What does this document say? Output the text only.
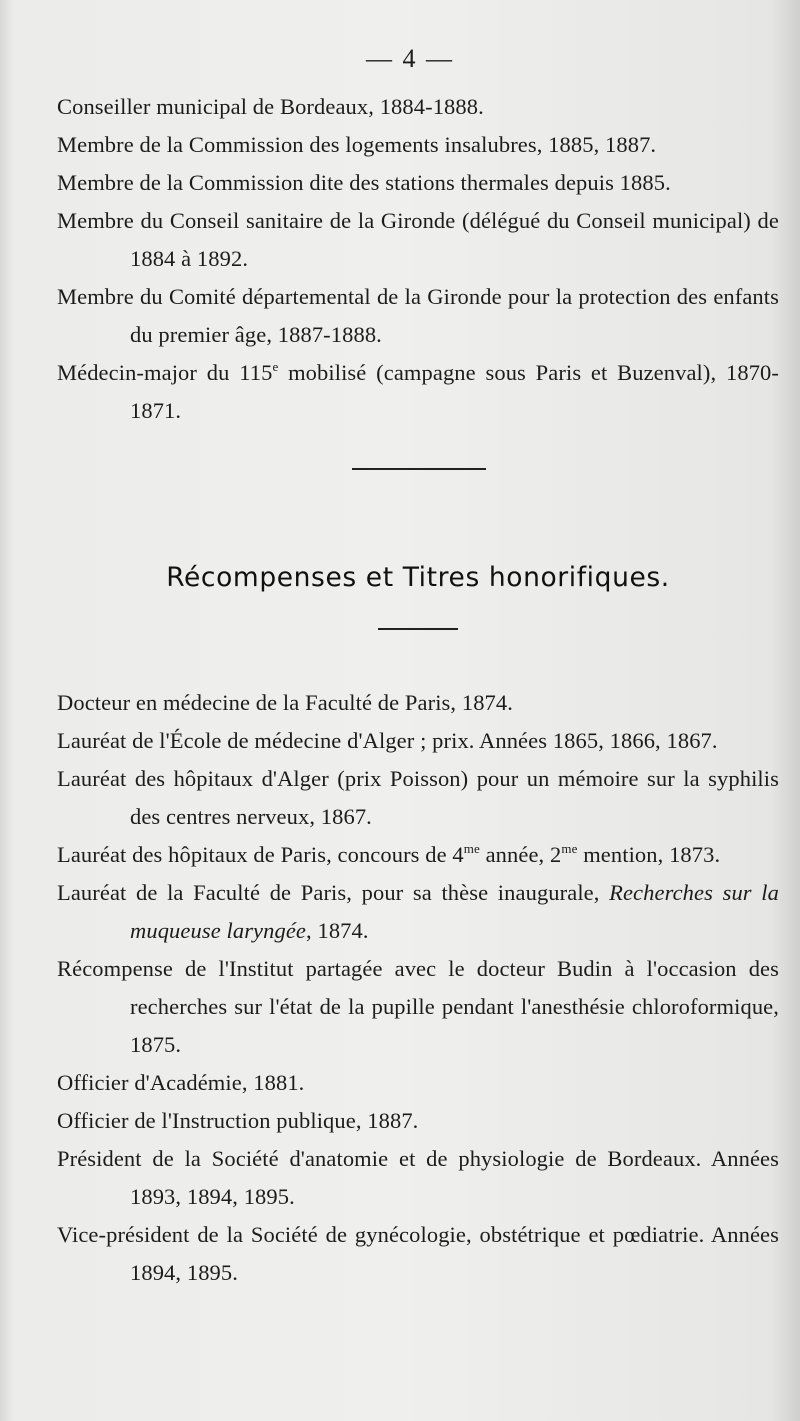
— 4 —

Conseiller municipal de Bordeaux, 1884-1888.

Membre de la Commission des logements insalubres, 1885, 1887.

Membre de la Commission dite des stations thermales depuis 1885.

Membre du Conseil sanitaire de la Gironde (délégué du Conseil municipal) de 1884 à 1892.

Membre du Comité départemental de la Gironde pour la protection des enfants du premier âge, 1887-1888.

Médecin-major du 115e mobilisé (campagne sous Paris et Buzenval), 1870-1871.

Récompenses et Titres honorifiques.

Docteur en médecine de la Faculté de Paris, 1874.

Lauréat de l'École de médecine d'Alger ; prix. Années 1865, 1866, 1867.

Lauréat des hôpitaux d'Alger (prix Poisson) pour un mémoire sur la syphilis des centres nerveux, 1867.

Lauréat des hôpitaux de Paris, concours de $4^{me}$ année, $2^{me}$ mention, 1873.

Lauréat de la Faculté de Paris, pour sa thèse inaugurale, Recherches sur la muqueuse laryngée, 1874.

Récompense de l'Institut partagée avec le docteur Budin à l'occasion des recherches sur l'état de la pupille pendant l'anesthésie chloroformique, 1875.

Officier d'Académie, 1881.

Officier de l'Instruction publique, 1887.

Président de la Société d'anatomie et de physiologie de Bordeaux. Années 1893, 1894, 1895.

Vice-président de la Société de gynécologie, obstétrique et pœdiatrie. Années 1894, 1895.
